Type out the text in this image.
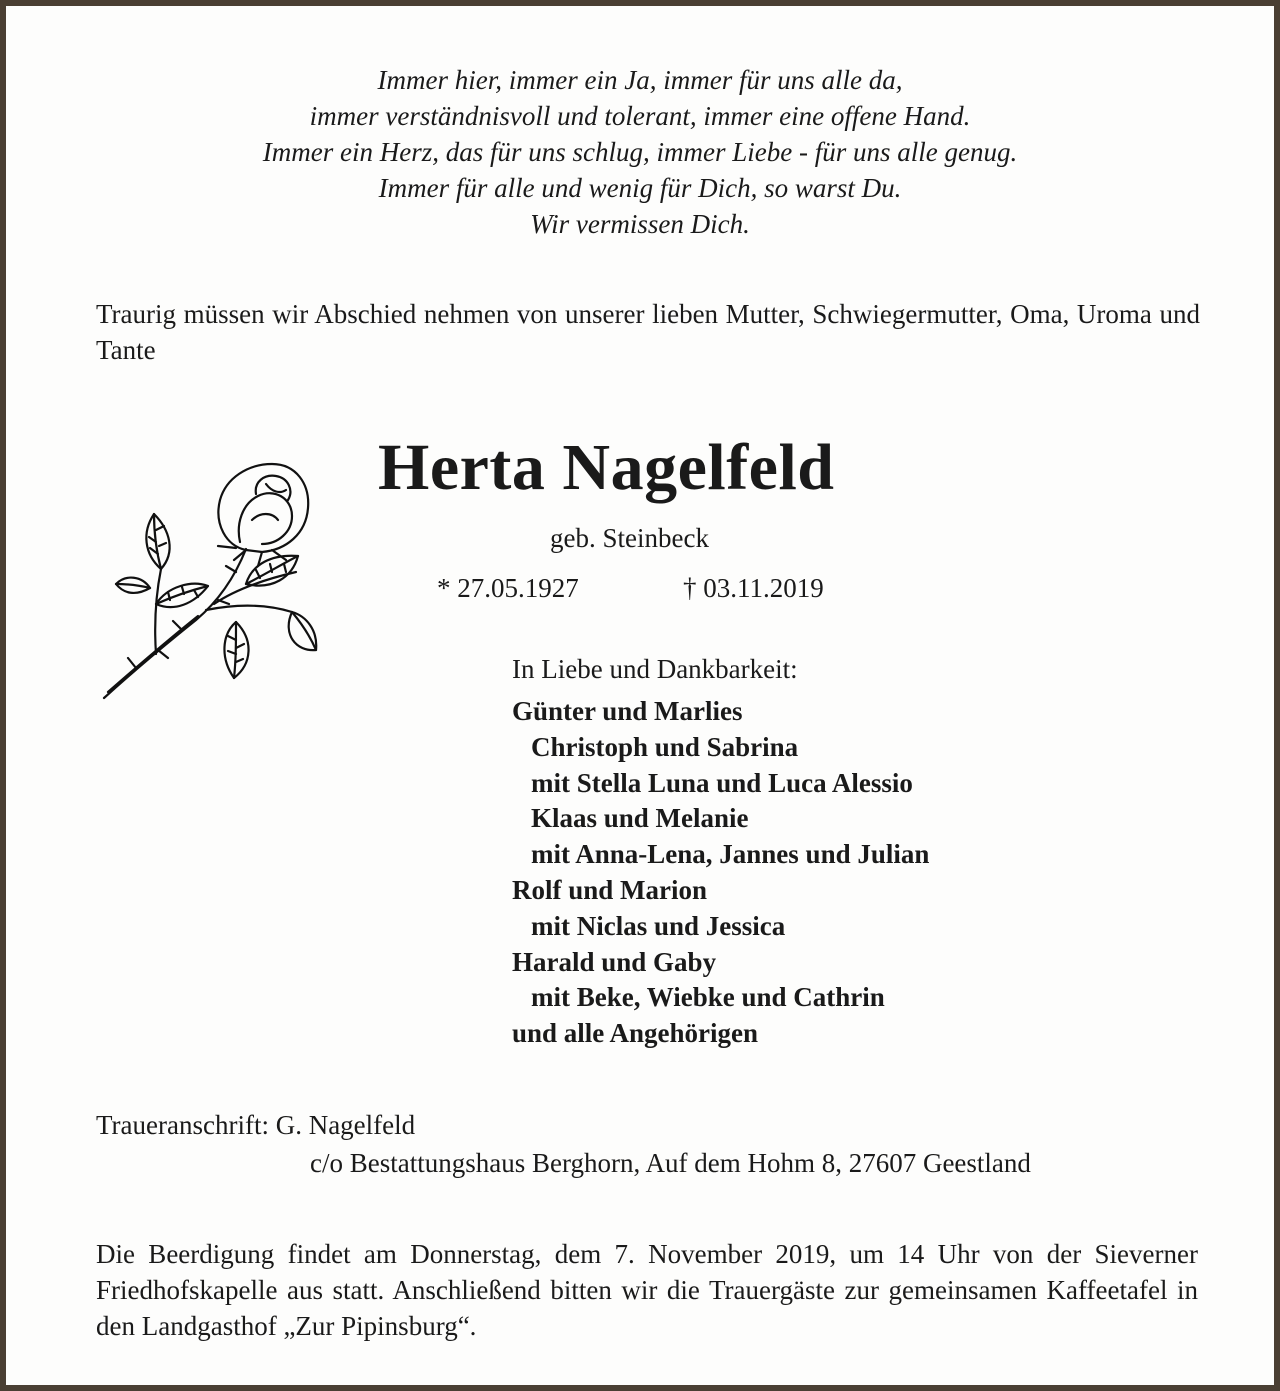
Immer hier, immer ein Ja, immer für uns alle da,
immer verständnisvoll und tolerant, immer eine offene Hand.
Immer ein Herz, das für uns schlug, immer Liebe - für uns alle genug.
Immer für alle und wenig für Dich, so warst Du.
Wir vermissen Dich.
Traurig müssen wir Abschied nehmen von unserer lieben Mutter, Schwiegermutter, Oma, Uroma und Tante
Herta Nagelfeld
geb. Steinbeck
* 27.05.1927	† 03.11.2019
In Liebe und Dankbarkeit:
Günter und Marlies
Christoph und Sabrina
mit Stella Luna und Luca Alessio
Klaas und Melanie
mit Anna-Lena, Jannes und Julian
Rolf und Marion
mit Niclas und Jessica
Harald und Gaby
mit Beke, Wiebke und Cathrin
und alle Angehörigen
Traueranschrift: G. Nagelfeld
c/o Bestattungshaus Berghorn, Auf dem Hohm 8, 27607 Geestland
Die Beerdigung findet am Donnerstag, dem 7. November 2019, um 14 Uhr von der Sieverner Friedhofskapelle aus statt. Anschließend bitten wir die Trauergäste zur gemeinsamen Kaffeetafel in den Landgasthof „Zur Pipinsburg“.
